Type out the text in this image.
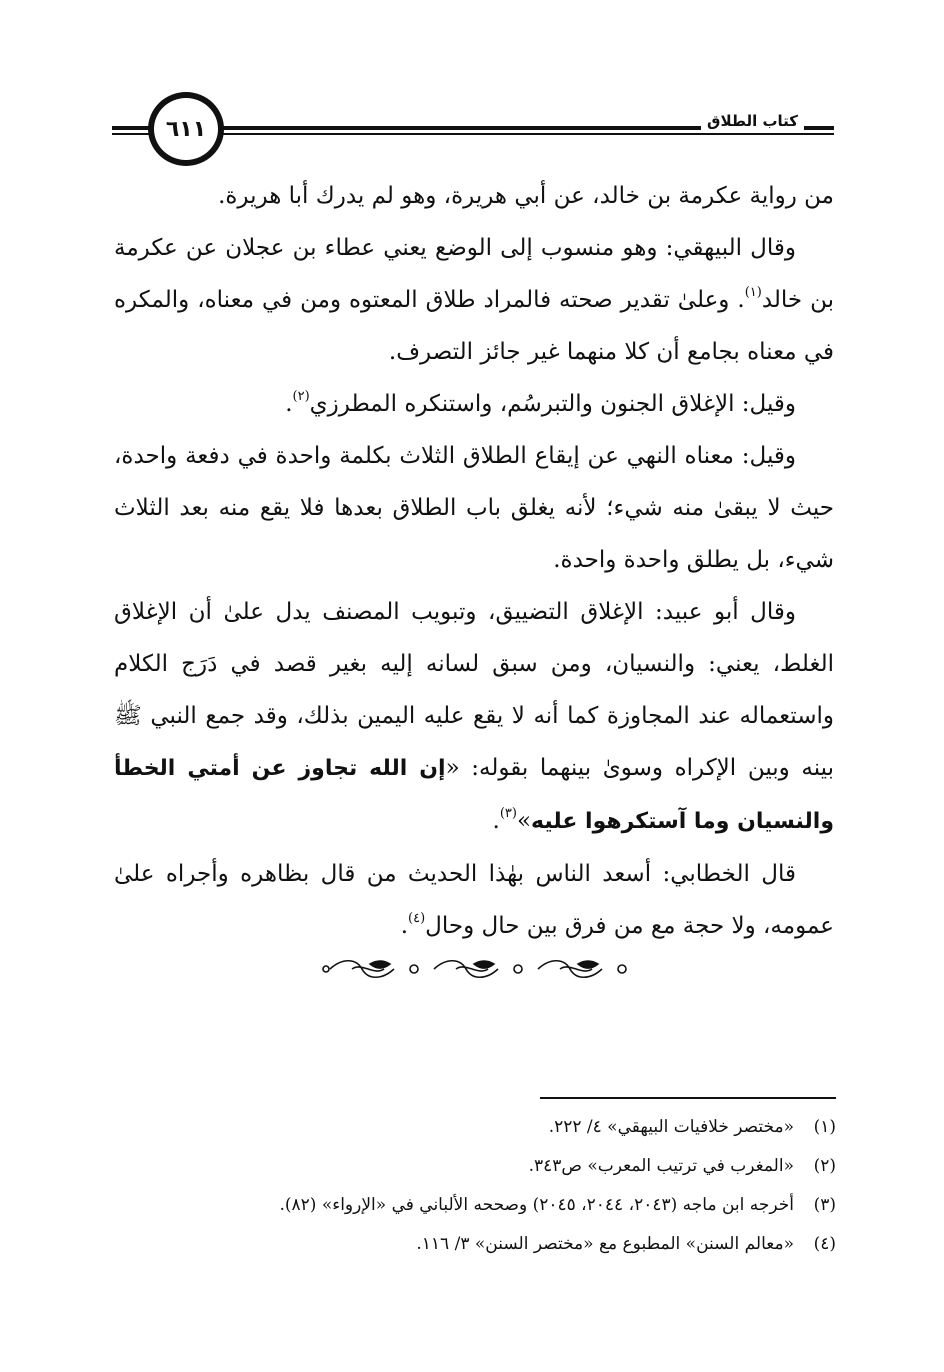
٦١١	كتاب الطلاق

من رواية عكرمة بن خالد، عن أبي هريرة، وهو لم يدرك أبا هريرة.

وقال البيهقي: وهو منسوب إلى الوضع يعني عطاء بن عجلان عن عكرمة بن خالد$^{(١)}$. وعلىٰ تقدير صحته فالمراد طلاق المعتوه ومن في معناه، والمكره في معناه بجامع أن كلا منهما غير جائز التصرف.

وقيل: الإغلاق الجنون والتبرسُم، واستنكره المطرزي$^{(٢)}$.

وقيل: معناه النهي عن إيقاع الطلاق الثلاث بكلمة واحدة في دفعة واحدة، حيث لا يبقىٰ منه شيء؛ لأنه يغلق باب الطلاق بعدها فلا يقع منه بعد الثلاث شيء، بل يطلق واحدة واحدة.

وقال أبو عبيد: الإغلاق التضييق، وتبويب المصنف يدل علىٰ أن الإغلاق الغلط، يعني: والنسيان، ومن سبق لسانه إليه بغير قصد في دَرَج الكلام واستعماله عند المجاوزة كما أنه لا يقع عليه اليمين بذلك، وقد جمع النبي ﷺ بينه وبين الإكراه وسوىٰ بينهما بقوله: «إن الله تجاوز عن أمتي الخطأ والنسيان وما آستكرهوا عليه»$^{(٣)}$.

قال الخطابي: أسعد الناس بهٰذا الحديث من قال بظاهره وأجراه علىٰ عمومه، ولا حجة مع من فرق بين حال وحال$^{(٤)}$.

(١)
«مختصر خلافيات البيهقي» ٤/ ٢٢٢.
(٢)
«المغرب في ترتيب المعرب» ص٣٤٣.
(٣)
أخرجه ابن ماجه (٢٠٤٣، ٢٠٤٤، ٢٠٤٥) وصححه الألباني في «الإرواء» (٨٢).
(٤)
«معالم السنن» المطبوع مع «مختصر السنن» ٣/ ١١٦.
